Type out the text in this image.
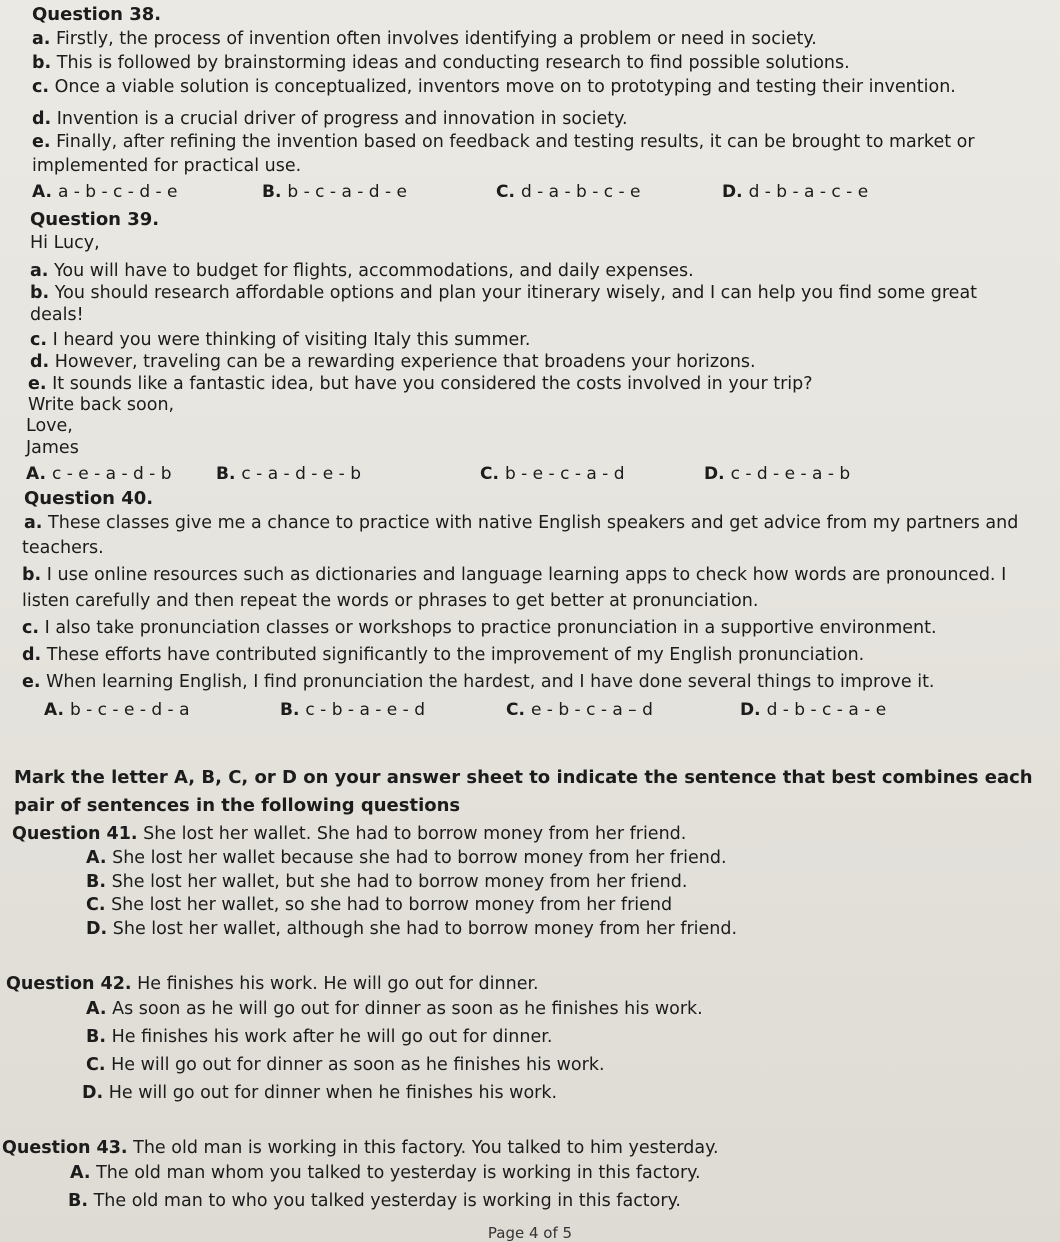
Question 38.
a. Firstly, the process of invention often involves identifying a problem or need in society.
b. This is followed by brainstorming ideas and conducting research to find possible solutions.
c. Once a viable solution is conceptualized, inventors move on to prototyping and testing their invention.
d. Invention is a crucial driver of progress and innovation in society.
e. Finally, after refining the invention based on feedback and testing results, it can be brought to market or
implemented for practical use.
A. a - b - c - d - e	B. b - c - a - d - e	C. d - a - b - c - e	D. d - b - a - c - e
Question 39.
Hi Lucy,
a. You will have to budget for flights, accommodations, and daily expenses.
b. You should research affordable options and plan your itinerary wisely, and I can help you find some great
deals!
c. I heard you were thinking of visiting Italy this summer.
d. However, traveling can be a rewarding experience that broadens your horizons.
e. It sounds like a fantastic idea, but have you considered the costs involved in your trip?
Write back soon,
Love,
James
A. c - e - a - d - b	B. c - a - d - e - b	C. b - e - c - a - d	D. c - d - e - a - b
Question 40.
a. These classes give me a chance to practice with native English speakers and get advice from my partners and
teachers.
b. I use online resources such as dictionaries and language learning apps to check how words are pronounced. I
listen carefully and then repeat the words or phrases to get better at pronunciation.
c. I also take pronunciation classes or workshops to practice pronunciation in a supportive environment.
d. These efforts have contributed significantly to the improvement of my English pronunciation.
e. When learning English, I find pronunciation the hardest, and I have done several things to improve it.
A. b - c - e - d - a	B. c - b - a - e - d	C. e - b - c - a – d	D. d - b - c - a - e
Mark the letter A, B, C, or D on your answer sheet to indicate the sentence that best combines each
pair of sentences in the following questions
Question 41. She lost her wallet. She had to borrow money from her friend.
A. She lost her wallet because she had to borrow money from her friend.
B. She lost her wallet, but she had to borrow money from her friend.
C. She lost her wallet, so she had to borrow money from her friend
D. She lost her wallet, although she had to borrow money from her friend.
Question 42. He finishes his work. He will go out for dinner.
A. As soon as he will go out for dinner as soon as he finishes his work.
B. He finishes his work after he will go out for dinner.
C. He will go out for dinner as soon as he finishes his work.
D. He will go out for dinner when he finishes his work.
Question 43. The old man is working in this factory. You talked to him yesterday.
A. The old man whom you talked to yesterday is working in this factory.
B. The old man to who you talked yesterday is working in this factory.
Page 4 of 5
